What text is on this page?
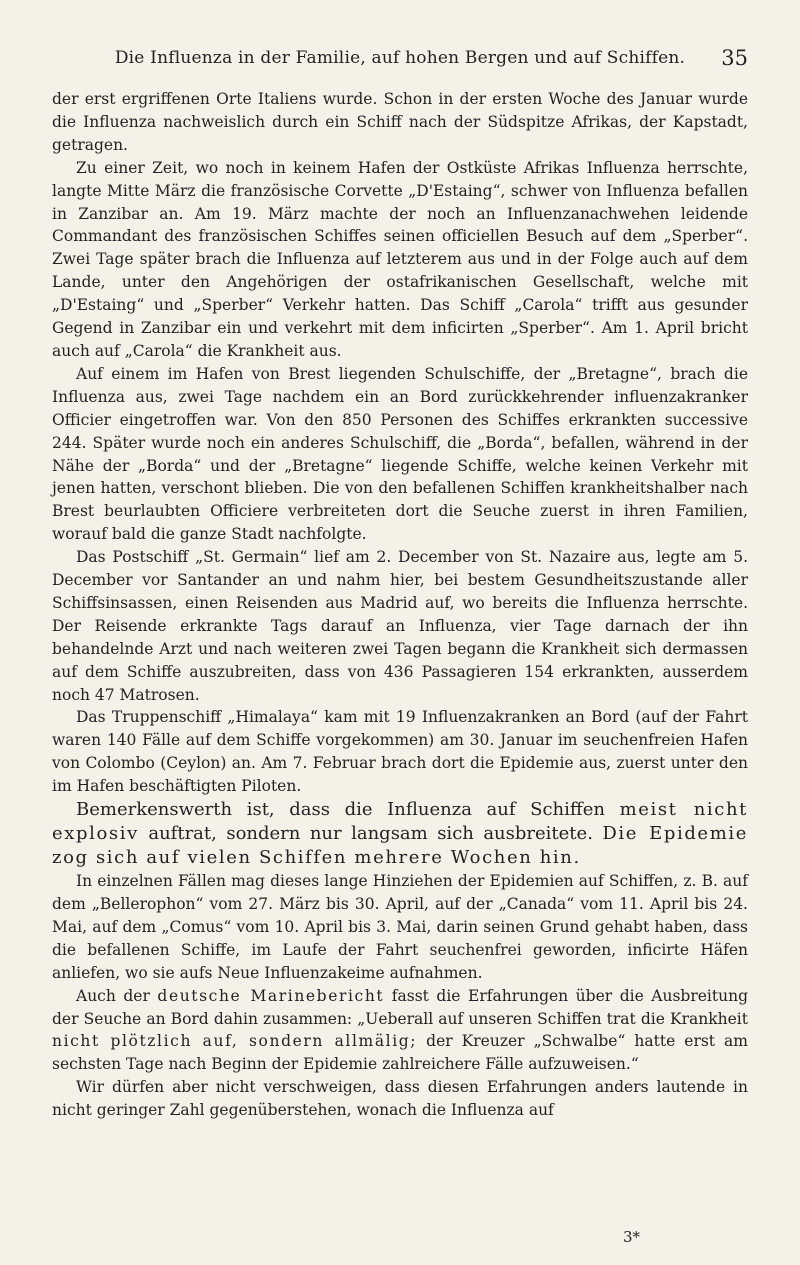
Die Influenza in der Familie, auf hohen Bergen und auf Schiffen.	35

der erst ergriffenen Orte Italiens wurde. Schon in der ersten Woche des Januar wurde die Influenza nachweislich durch ein Schiff nach der Südspitze Afrikas, der Kapstadt, getragen.

Zu einer Zeit, wo noch in keinem Hafen der Ostküste Afrikas Influenza herrschte, langte Mitte März die französische Corvette „D'Estaing“, schwer von Influenza befallen in Zanzibar an. Am 19. März machte der noch an Influenzanachwehen leidende Commandant des französischen Schiffes seinen officiellen Besuch auf dem „Sperber“. Zwei Tage später brach die Influenza auf letzterem aus und in der Folge auch auf dem Lande, unter den Angehörigen der ostafrikanischen Gesellschaft, welche mit „D'Estaing“ und „Sperber“ Verkehr hatten. Das Schiff „Carola“ trifft aus gesunder Gegend in Zanzibar ein und verkehrt mit dem inficirten „Sperber“. Am 1. April bricht auch auf „Carola“ die Krankheit aus.

Auf einem im Hafen von Brest liegenden Schulschiffe, der „Bretagne“, brach die Influenza aus, zwei Tage nachdem ein an Bord zurückkehrender influenzakranker Officier eingetroffen war. Von den 850 Personen des Schiffes erkrankten successive 244. Später wurde noch ein anderes Schulschiff, die „Borda“, befallen, während in der Nähe der „Borda“ und der „Bretagne“ liegende Schiffe, welche keinen Verkehr mit jenen hatten, verschont blieben. Die von den befallenen Schiffen krankheitshalber nach Brest beurlaubten Officiere verbreiteten dort die Seuche zuerst in ihren Familien, worauf bald die ganze Stadt nachfolgte.

Das Postschiff „St. Germain“ lief am 2. December von St. Nazaire aus, legte am 5. December vor Santander an und nahm hier, bei bestem Gesundheitszustande aller Schiffsinsassen, einen Reisenden aus Madrid auf, wo bereits die Influenza herrschte. Der Reisende erkrankte Tags darauf an Influenza, vier Tage darnach der ihn behandelnde Arzt und nach weiteren zwei Tagen begann die Krankheit sich dermassen auf dem Schiffe auszubreiten, dass von 436 Passagieren 154 erkrankten, ausserdem noch 47 Matrosen.

Das Truppenschiff „Himalaya“ kam mit 19 Influenzakranken an Bord (auf der Fahrt waren 140 Fälle auf dem Schiffe vorgekommen) am 30. Januar im seuchenfreien Hafen von Colombo (Ceylon) an. Am 7. Februar brach dort die Epidemie aus, zuerst unter den im Hafen beschäftigten Piloten.

Bemerkenswerth ist, dass die Influenza auf Schiffen meist nicht explosiv auftrat, sondern nur langsam sich ausbreitete. Die Epidemie zog sich auf vielen Schiffen mehrere Wochen hin.

In einzelnen Fällen mag dieses lange Hinziehen der Epidemien auf Schiffen, z. B. auf dem „Bellerophon“ vom 27. März bis 30. April, auf der „Canada“ vom 11. April bis 24. Mai, auf dem „Comus“ vom 10. April bis 3. Mai, darin seinen Grund gehabt haben, dass die befallenen Schiffe, im Laufe der Fahrt seuchenfrei geworden, inficirte Häfen anliefen, wo sie aufs Neue Influenzakeime aufnahmen.

Auch der deutsche Marinebericht fasst die Erfahrungen über die Ausbreitung der Seuche an Bord dahin zusammen: „Ueberall auf unseren Schiffen trat die Krankheit nicht plötzlich auf, sondern allmälig; der Kreuzer „Schwalbe“ hatte erst am sechsten Tage nach Beginn der Epidemie zahlreichere Fälle aufzuweisen.“

Wir dürfen aber nicht verschweigen, dass diesen Erfahrungen anders lautende in nicht geringer Zahl gegenüberstehen, wonach die Influenza auf

3*
